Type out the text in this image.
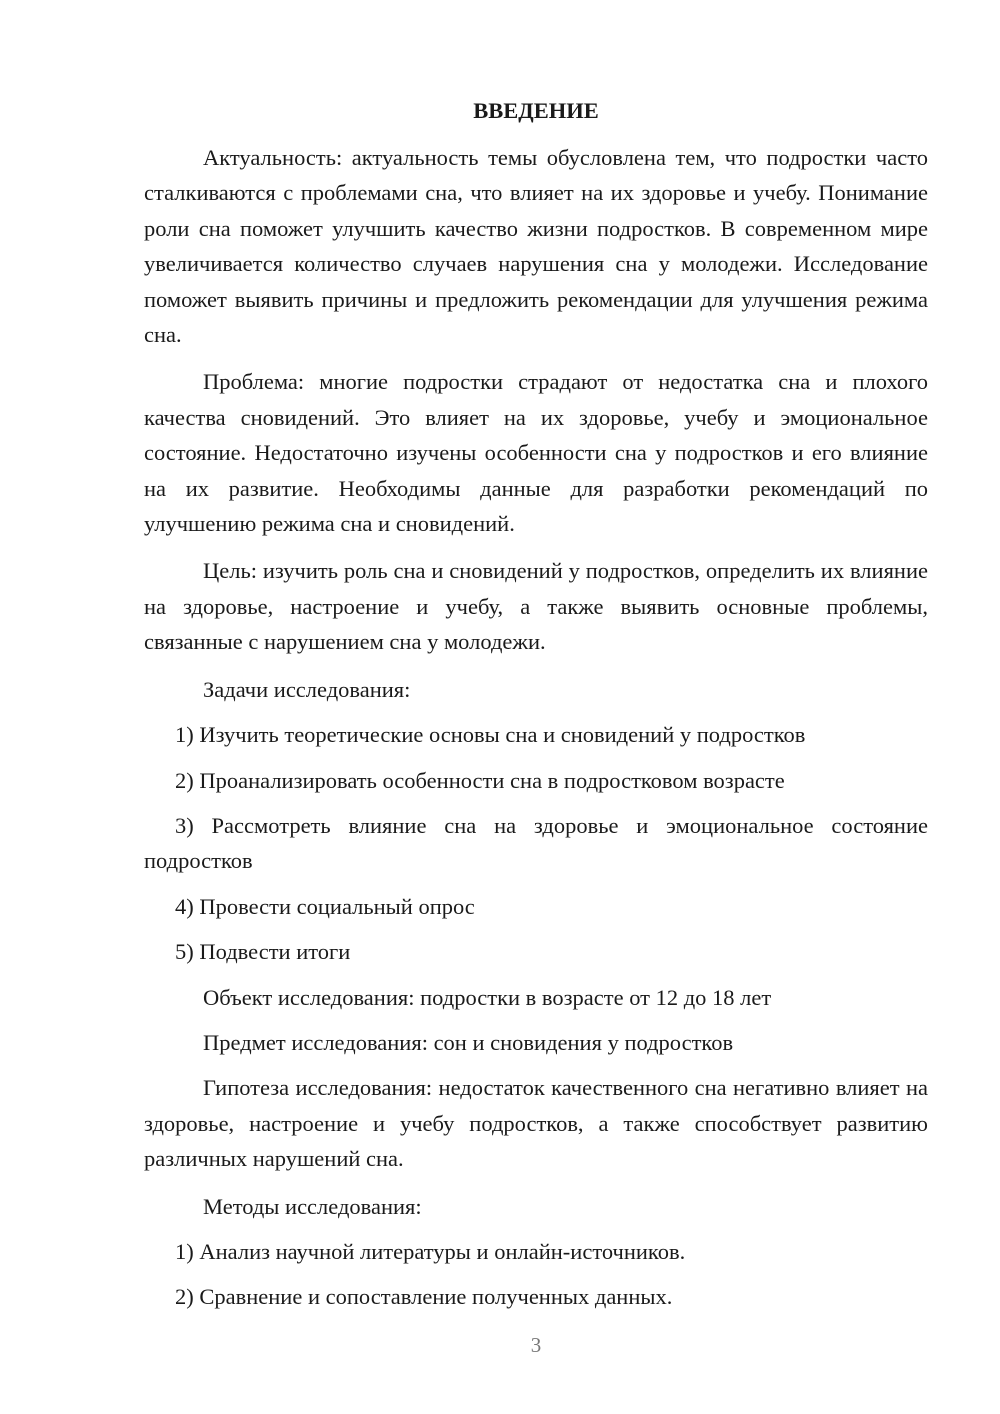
ВВЕДЕНИЕ

Актуальность: актуальность темы обусловлена тем, что подростки часто сталкиваются с проблемами сна, что влияет на их здоровье и учебу. Понимание роли сна поможет улучшить качество жизни подростков. В современном мире увеличивается количество случаев нарушения сна у молодежи. Исследование поможет выявить причины и предложить рекомендации для улучшения режима сна.

Проблема: многие подростки страдают от недостатка сна и плохого качества сновидений. Это влияет на их здоровье, учебу и эмоциональное состояние. Недостаточно изучены особенности сна у подростков и его влияние на их развитие. Необходимы данные для разработки рекомендаций по улучшению режима сна и сновидений.

Цель: изучить роль сна и сновидений у подростков, определить их влияние на здоровье, настроение и учебу, а также выявить основные проблемы, связанные с нарушением сна у молодежи.

Задачи исследования:

1) Изучить теоретические основы сна и сновидений у подростков

2) Проанализировать особенности сна в подростковом возрасте

3) Рассмотреть влияние сна на здоровье и эмоциональное состояние подростков

4) Провести социальный опрос

5) Подвести итоги

Объект исследования: подростки в возрасте от 12 до 18 лет

Предмет исследования: сон и сновидения у подростков

Гипотеза исследования: недостаток качественного сна негативно влияет на здоровье, настроение и учебу подростков, а также способствует развитию различных нарушений сна.

Методы исследования:

1) Анализ научной литературы и онлайн-источников.

2) Сравнение и сопоставление полученных данных.

3
